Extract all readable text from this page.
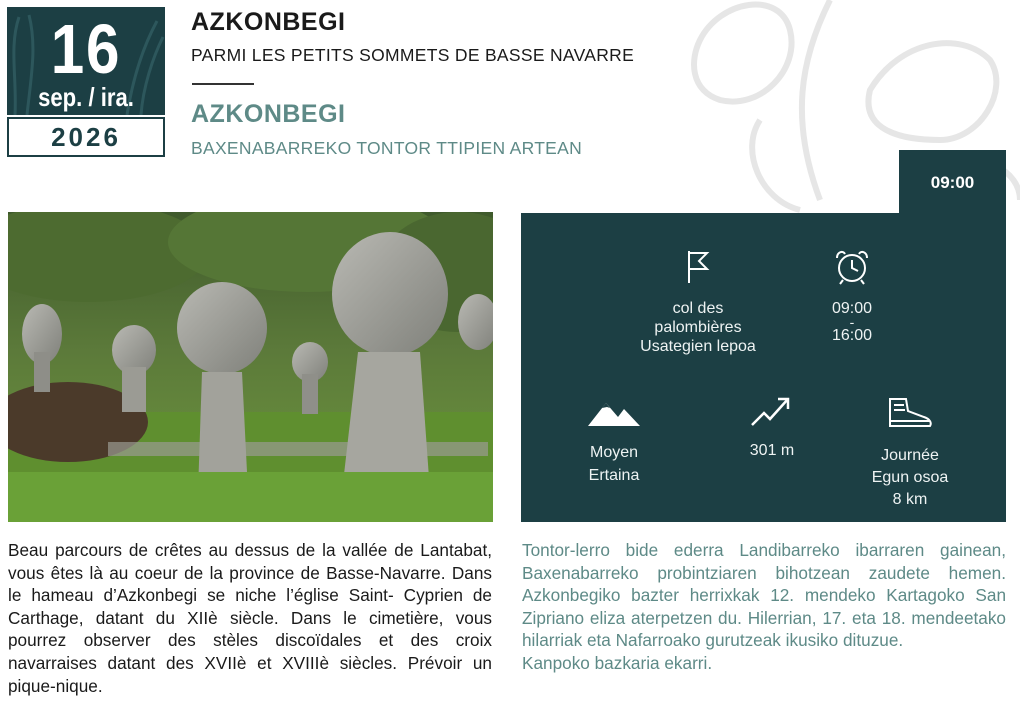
16
sep. / ira.
2026
AZKONBEGI
PARMI LES PETITS SOMMETS DE BASSE NAVARRE
AZKONBEGI
BAXENABARREKO TONTOR TTIPIEN ARTEAN
09:00
col des
palombières
Usategien lepoa
09:00
-
16:00
Moyen
Ertaina
301 m	Journée
Egun osoa
8 km
Beau parcours de crêtes au dessus de la vallée de Lantabat, vous êtes là au coeur de la province de Basse-Navarre. Dans le hameau d’Azkonbegi se niche l’église Saint- Cyprien de Carthage, datant du XIIè siècle. Dans le cimetière, vous pourrez observer des stèles discoïdales et des croix navarraises datant des XVIIè et XVIIIè siècles. Prévoir un pique-nique.
Tontor-lerro bide ederra Landibarreko ibarraren gainean, Baxenabarreko probintziaren bihotzean zaudete hemen. Azkonbegiko bazter herrixkak 12. mendeko Kartagoko San Zipriano eliza aterpetzen du. Hilerrian, 17. eta 18. mendeetako hilarriak eta Nafarroako gurutzeak ikusiko dituzue.
Kanpoko bazkaria ekarri.
